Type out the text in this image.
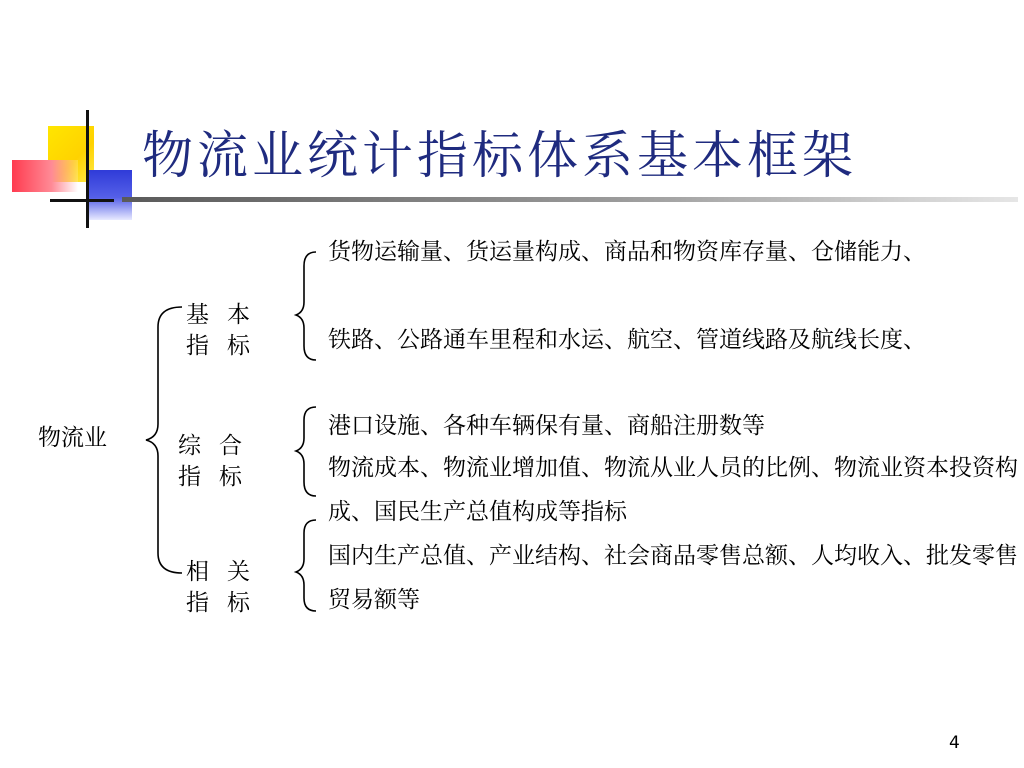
物流业统计指标体系基本框架
物流业
基本指标
综合指标
相关指标
货物运输量、货运量构成、商品和物资库存量、仓储能力、
铁路、公路通车里程和水运、航空、管道线路及航线长度、
港口设施、各种车辆保有量、商船注册数等
物流成本、物流业增加值、物流从业人员的比例、物流业资本投资构成、国民生产总值构成等指标
国内生产总值、产业结构、社会商品零售总额、人均收入、批发零售贸易额等
4
